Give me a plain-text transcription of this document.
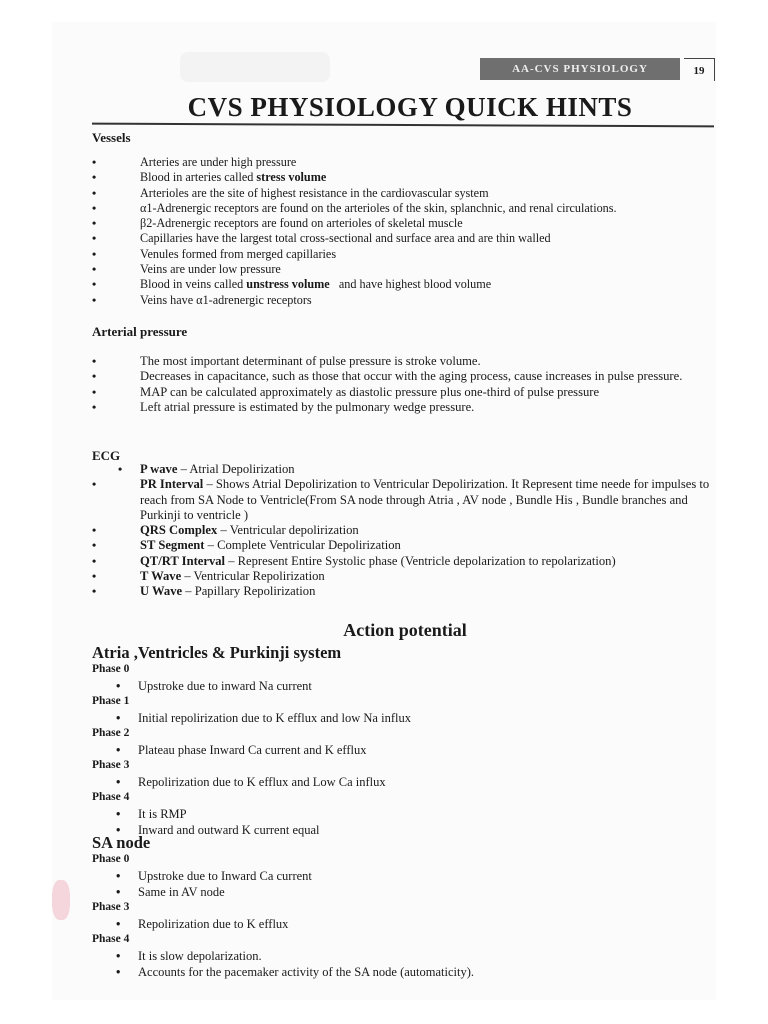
AA-CVS PHYSIOLOGY	19
CVS PHYSIOLOGY QUICK HINTS
Vessels
•	Arteries are under high pressure
•	Blood in arteries called stress volume
•	Arterioles are the site of highest resistance in the cardiovascular system
•	α1-Adrenergic receptors are found on the arterioles of the skin, splanchnic, and renal circulations.
•	β2-Adrenergic receptors are found on arterioles of skeletal muscle
•	Capillaries have the largest total cross-sectional and surface area and are thin walled
•	Venules formed from merged capillaries
•	Veins are under low pressure
•	Blood in veins called unstress volume   and have highest blood volume
•	Veins have α1-adrenergic receptors
Arterial pressure
•	The most important determinant of pulse pressure is stroke volume.
•	Decreases in capacitance, such as those that occur with the aging process, cause increases in pulse pressure.
•	MAP can be calculated approximately as diastolic pressure plus one-third of pulse pressure
•	Left atrial pressure is estimated by the pulmonary wedge pressure.
ECG
• P wave – Atrial Depolirization
•	PR Interval – Shows Atrial Depolirization to Ventricular Depolirization. It Represent time neede for impulses to reach from SA Node to Ventricle(From SA node through Atria , AV node , Bundle His , Bundle branches and Purkinji to ventricle )
•	QRS Complex – Ventricular depolirization
•	ST Segment – Complete Ventricular Depolirization
•	QT/RT Interval – Represent Entire Systolic phase (Ventricle depolarization to repolarization)
•	T Wave – Ventricular Repolirization
•	U Wave – Papillary Repolirization
Action potential
Atria ,Ventricles & Purkinji system
Phase 0
• Upstroke due to inward Na current
Phase 1
• Initial repolirization due to K efflux and low Na influx
Phase 2
• Plateau phase Inward Ca current and K efflux
Phase 3
• Repolirization due to K efflux and Low Ca influx
Phase 4
• It is RMP
• Inward and outward K current equal
SA node
Phase 0
• Upstroke due to Inward Ca current
• Same in AV node
Phase 3
• Repolirization due to K efflux
Phase 4
• It is slow depolarization.
• Accounts for the pacemaker activity of the SA node (automaticity).
